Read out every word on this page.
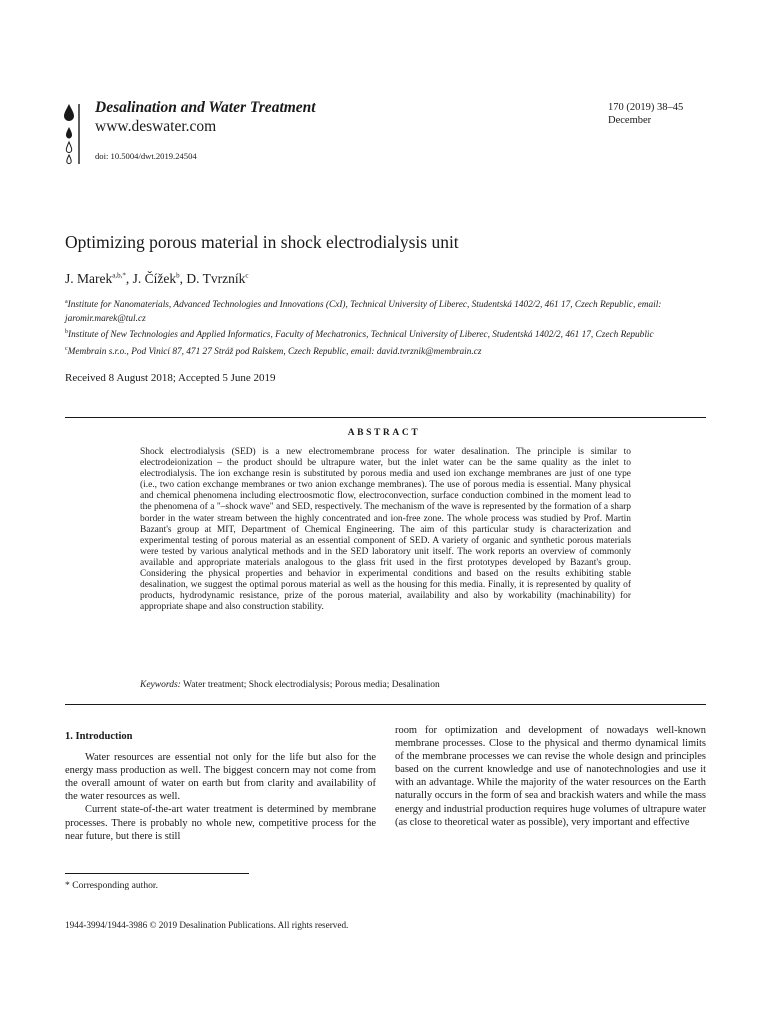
Desalination and Water Treatment
www.deswater.com
doi: 10.5004/dwt.2019.24504
170 (2019) 38–45
December
Optimizing porous material in shock electrodialysis unit
J. Marek$^{a,b,*}$, J. Čížek$^b$, D. Tvrzník$^c$
$^a$Institute for Nanomaterials, Advanced Technologies and Innovations (CxI), Technical University of Liberec, Studentská 1402/2, 461 17, Czech Republic, email: jaromir.marek@tul.cz
$^b$Institute of New Technologies and Applied Informatics, Faculty of Mechatronics, Technical University of Liberec, Studentská 1402/2, 461 17, Czech Republic
$^c$Membrain s.r.o., Pod Vinicí 87, 471 27 Stráž pod Ralskem, Czech Republic, email: david.tvrznik@membrain.cz
Received 8 August 2018; Accepted 5 June 2019
ABSTRACT
Shock electrodialysis (SED) is a new electromembrane process for water desalination. The principle is similar to electrodeionization – the product should be ultrapure water, but the inlet water can be the same quality as the inlet to electrodialysis. The ion exchange resin is substituted by porous media and used ion exchange membranes are just of one type (i.e., two cation exchange membranes or two anion exchange membranes). The use of porous media is essential. Many physical and chemical phenomena including electroosmotic flow, electroconvection, surface conduction combined in the moment lead to the phenomena of a "–shock wave" and SED, respectively. The mechanism of the wave is represented by the formation of a sharp border in the water stream between the highly concentrated and ion-free zone. The whole process was studied by Prof. Martin Bazant's group at MIT, Department of Chemical Engineering. The aim of this particular study is characterization and experimental testing of porous material as an essential component of SED. A variety of organic and synthetic porous materials were tested by various analytical methods and in the SED laboratory unit itself. The work reports an overview of commonly available and appropriate materials analogous to the glass frit used in the first prototypes developed by Bazant's group. Considering the physical properties and behavior in experimental conditions and based on the results exhibiting stable desalination, we suggest the optimal porous material as well as the housing for this media. Finally, it is represented by quality of products, hydrodynamic resistance, prize of the porous material, availability and also by workability (machinability) for appropriate shape and also construction stability.
Keywords: Water treatment; Shock electrodialysis; Porous media; Desalination
1. Introduction

Water resources are essential not only for the life but also for the energy mass production as well. The biggest concern may not come from the overall amount of water on earth but from clarity and availability of the water resources as well.

Current state-of-the-art water treatment is determined by membrane processes. There is probably no whole new, competitive process for the near future, but there is still

room for optimization and development of nowadays well-known membrane processes. Close to the physical and thermo dynamical limits of the membrane processes we can revise the whole design and principles based on the current knowledge and use of nanotechnologies and use it with an advantage. While the majority of the water resources on the Earth naturally occurs in the form of sea and brackish waters and while the mass energy and industrial production requires huge volumes of ultrapure water (as close to theoretical water as possible), very important and effective

* Corresponding author.
1944-3994/1944-3986 © 2019 Desalination Publications. All rights reserved.
